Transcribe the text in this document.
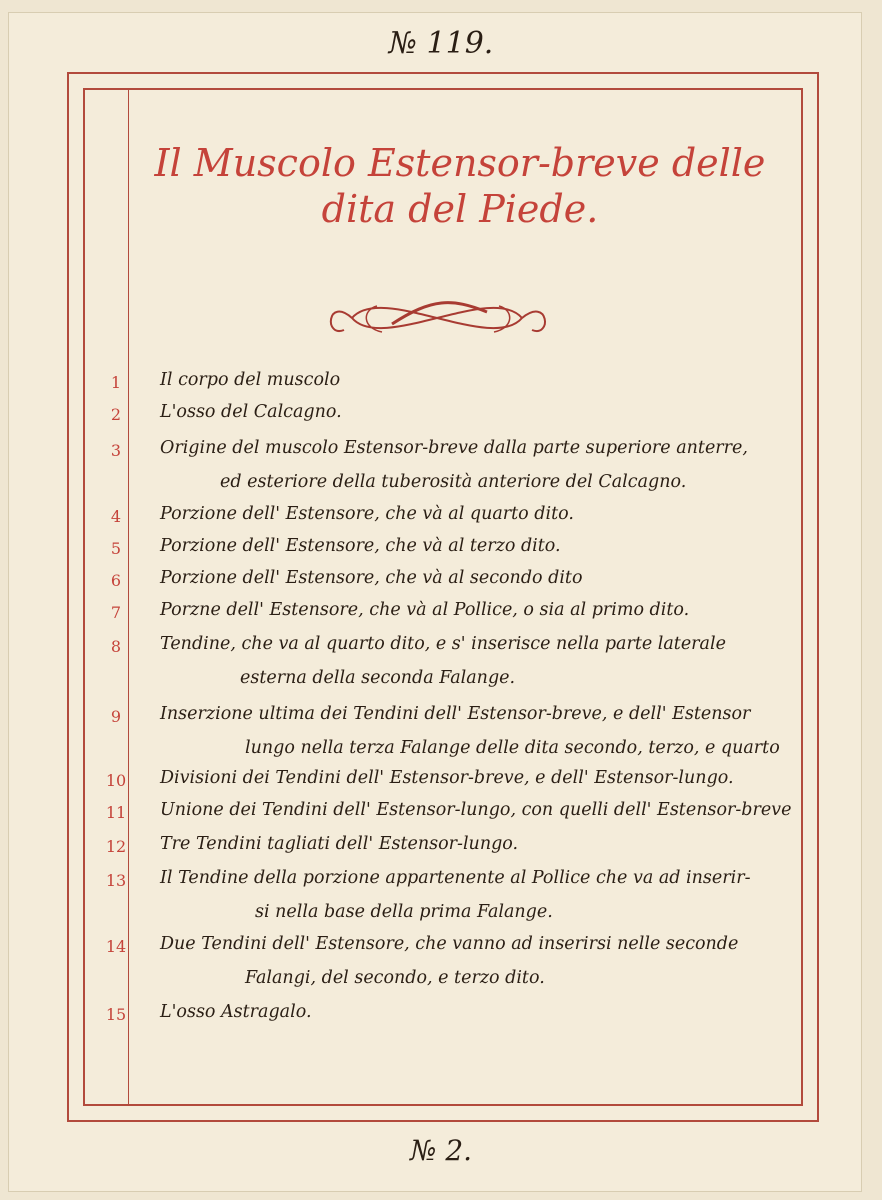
№ 119.
Il Muscolo Estensor-breve delle
dita del Piede.
1	Il corpo del muscolo
2	L'osso del Calcagno.
3	Origine del muscolo Estensor-breve dalla parte superiore anterre,
ed esteriore della tuberosità anteriore del Calcagno.
4	Porzione dell' Estensore, che và al quarto dito.
5	Porzione dell' Estensore, che và al terzo dito.
6	Porzione dell' Estensore, che và al secondo dito
7	Porzne dell' Estensore, che và al Pollice, o sia al primo dito.
8	Tendine, che va al quarto dito, e s' inserisce nella parte laterale
esterna della seconda Falange.
9	Inserzione ultima dei Tendini dell' Estensor-breve, e dell' Estensor
lungo nella terza Falange delle dita secondo, terzo, e quarto
10	Divisioni dei Tendini dell' Estensor-breve, e dell' Estensor-lungo.
11	Unione dei Tendini dell' Estensor-lungo, con quelli dell' Estensor-breve
12	Tre Tendini tagliati dell' Estensor-lungo.
13	Il Tendine della porzione appartenente al Pollice che va ad inserir-
si nella base della prima Falange.
14	Due Tendini dell' Estensore, che vanno ad inserirsi nelle seconde
Falangi, del secondo, e terzo dito.
15	L'osso Astragalo.
№ 2.
